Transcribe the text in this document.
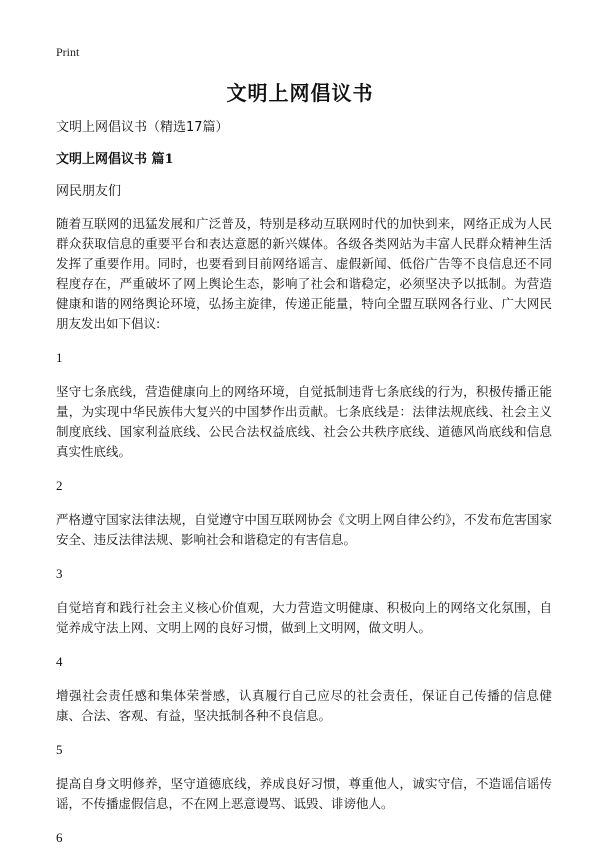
Print
文明上网倡议书

文明上网倡议书（精选17篇）

文明上网倡议书 篇1

网民朋友们

随着互联网的迅猛发展和广泛普及，特别是移动互联网时代的加快到来，网络正成为人民群众获取信息的重要平台和表达意愿的新兴媒体。各级各类网站为丰富人民群众精神生活发挥了重要作用。同时，也要看到目前网络谣言、虚假新闻、低俗广告等不良信息还不同程度存在，严重破坏了网上舆论生态，影响了社会和谐稳定，必须坚决予以抵制。为营造健康和谐的网络舆论环境，弘扬主旋律，传递正能量，特向全盟互联网各行业、广大网民朋友发出如下倡议:

1

坚守七条底线，营造健康向上的网络环境，自觉抵制违背七条底线的行为，积极传播正能量，为实现中华民族伟大复兴的中国梦作出贡献。七条底线是：法律法规底线、社会主义制度底线、国家利益底线、公民合法权益底线、社会公共秩序底线、道德风尚底线和信息真实性底线。

2

严格遵守国家法律法规，自觉遵守中国互联网协会《文明上网自律公约》，不发布危害国家安全、违反法律法规、影响社会和谐稳定的有害信息。

3

自觉培育和践行社会主义核心价值观，大力营造文明健康、积极向上的网络文化氛围，自觉养成守法上网、文明上网的良好习惯，做到上文明网，做文明人。

4

增强社会责任感和集体荣誉感，认真履行自己应尽的社会责任，保证自己传播的信息健康、合法、客观、有益，坚决抵制各种不良信息。

5

提高自身文明修养，坚守道德底线，养成良好习惯，尊重他人，诚实守信，不造谣信谣传谣，不传播虚假信息，不在网上恶意谩骂、诋毁、诽谤他人。

6
